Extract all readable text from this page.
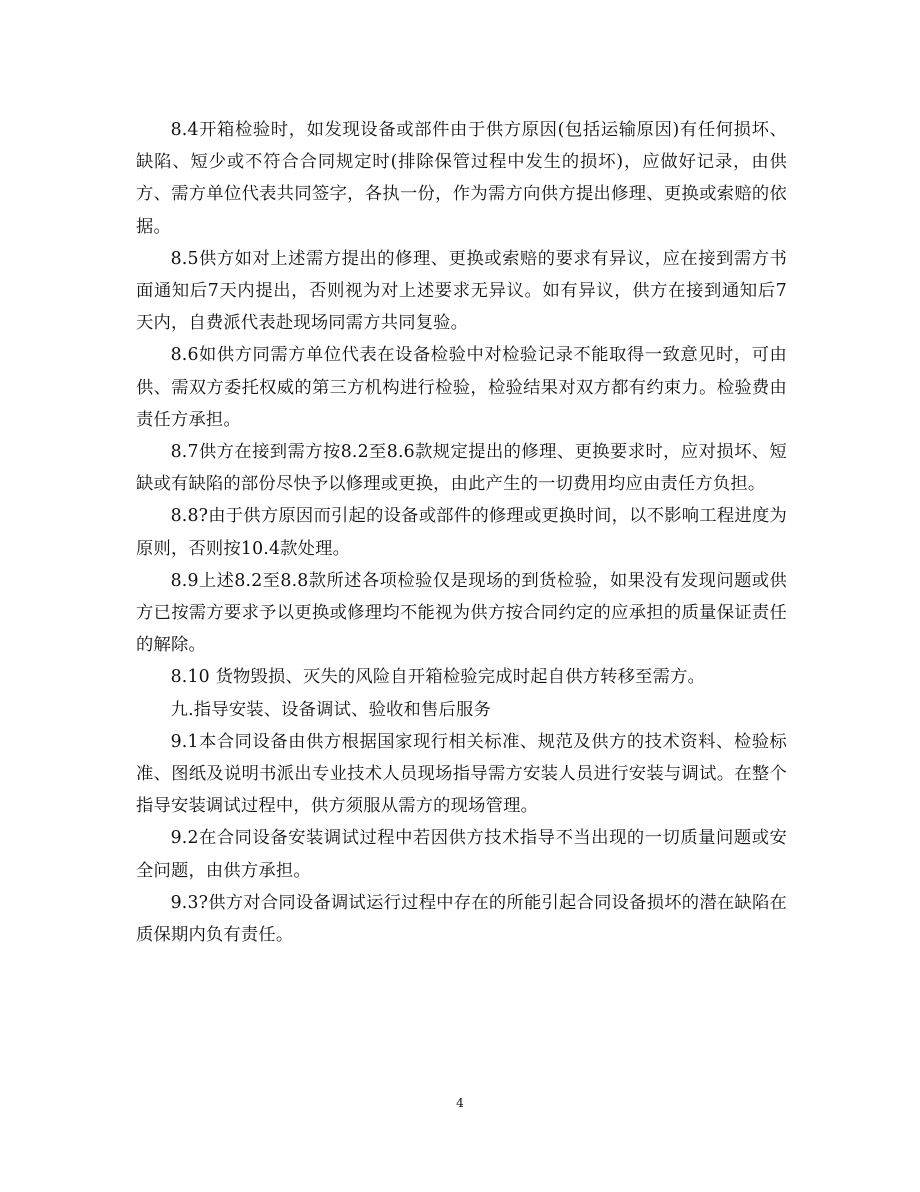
8.4开箱检验时，如发现设备或部件由于供方原因(包括运输原因)有任何损坏、缺陷、短少或不符合合同规定时(排除保管过程中发生的损坏)，应做好记录，由供方、需方单位代表共同签字，各执一份，作为需方向供方提出修理、更换或索赔的依据。

8.5供方如对上述需方提出的修理、更换或索赔的要求有异议，应在接到需方书面通知后7天内提出，否则视为对上述要求无异议。如有异议，供方在接到通知后7天内，自费派代表赴现场同需方共同复验。

8.6如供方同需方单位代表在设备检验中对检验记录不能取得一致意见时，可由供、需双方委托权威的第三方机构进行检验，检验结果对双方都有约束力。检验费由责任方承担。

8.7供方在接到需方按8.2至8.6款规定提出的修理、更换要求时，应对损坏、短缺或有缺陷的部份尽快予以修理或更换，由此产生的一切费用均应由责任方负担。

8.8?由于供方原因而引起的设备或部件的修理或更换时间，以不影响工程进度为原则，否则按10.4款处理。

8.9上述8.2至8.8款所述各项检验仅是现场的到货检验，如果没有发现问题或供方已按需方要求予以更换或修理均不能视为供方按合同约定的应承担的质量保证责任的解除。

8.10 货物毁损、灭失的风险自开箱检验完成时起自供方转移至需方。

九.指导安装、设备调试、验收和售后服务

9.1本合同设备由供方根据国家现行相关标准、规范及供方的技术资料、检验标准、图纸及说明书派出专业技术人员现场指导需方安装人员进行安装与调试。在整个指导安装调试过程中，供方须服从需方的现场管理。

9.2在合同设备安装调试过程中若因供方技术指导不当出现的一切质量问题或安全问题，由供方承担。

9.3?供方对合同设备调试运行过程中存在的所能引起合同设备损坏的潜在缺陷在质保期内负有责任。

4
